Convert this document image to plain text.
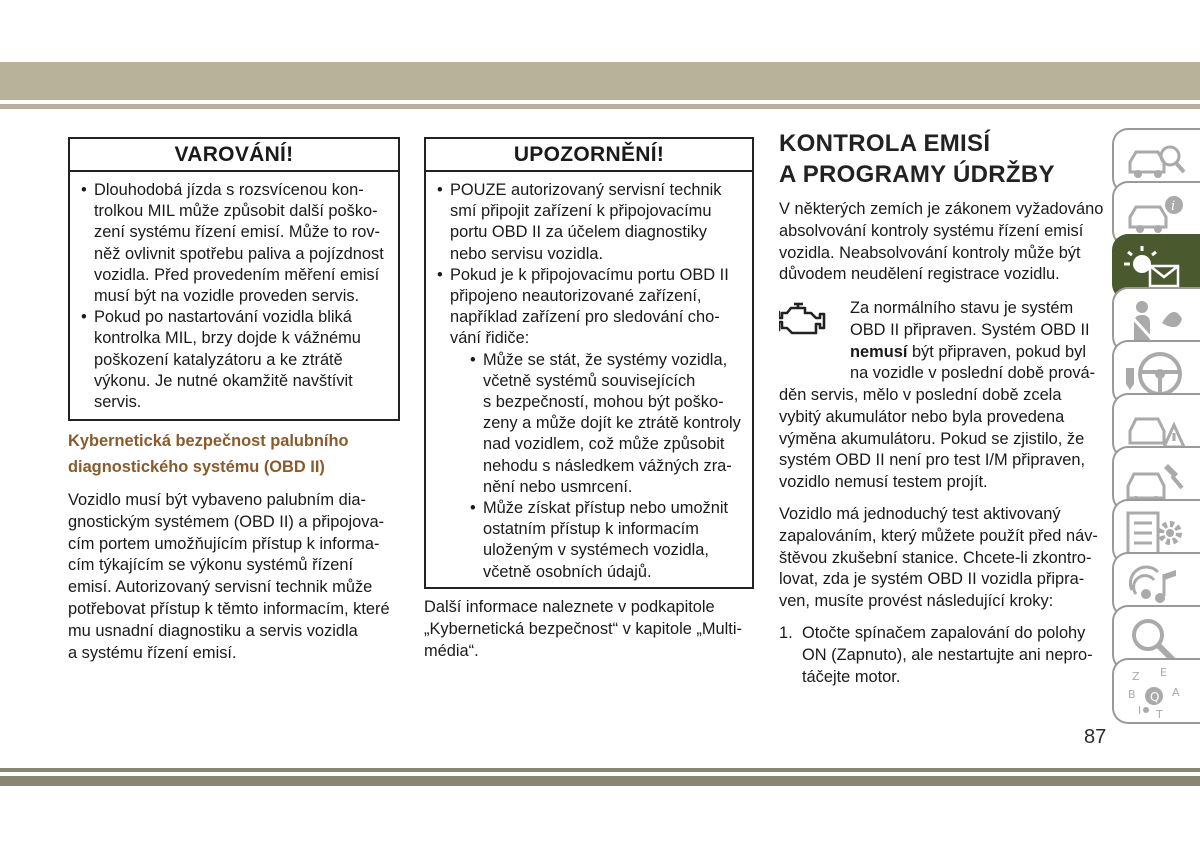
VAROVÁNÍ!
• Dlouhodobá jízda s rozsvícenou kon-
trolkou MIL může způsobit další pošk​o-
zení systému řízení emisí. Může to rov-
něž ovlivnit spotřebu paliva a pojízdnost
vozidla. Před provedením měření emisí
musí být na vozidle proveden servis.
• Pokud po nastartování vozidla bliká
kontrolka MIL, brzy dojde k vážnému
poškození katalyzátoru a ke ztrátě
výkonu. Je nutné okamžitě navštívit
servis.
Kybernetická bezpečnost palubního
diagnostického systému (OBD II)
Vozidlo musí být vybaveno palubním dia-
gnostickým systémem (OBD II) a připojova-
cím portem umožňujícím přístup k informa-
cím týkajícím se výkonu systémů řízení
emisí. Autorizovaný servisní technik může
potřebovat přístup k těmto informacím, které
mu usnadní diagnostiku a servis vozidla
a systému řízení emisí.
UPOZORNĚNÍ!
• POUZE autorizovaný servisní technik
smí připojit zařízení k připojovacímu
portu OBD II za účelem diagnostiky
nebo servisu vozidla.
• Pokud je k připojovacímu portu OBD II
připojeno neautorizované zařízení,
například zařízení pro sledování cho-
vání řidiče:
• Může se stát, že systémy vozidla,
včetně systémů souvisejících
s bezpečností, mohou být poško-
zeny a může dojít ke ztrátě kontroly
nad vozidlem, což může způsobit
nehodu s následkem vážných zra-
nění nebo usmrcení.
• Může získat přístup nebo umožnit
ostatním přístup k informacím
uloženým v systémech vozidla,
včetně osobních údajů.
Další informace naleznete v podkapitole
„Kybernetická bezpečnost“ v kapitole „Multi-
média“.
KONTROLA EMISÍ
A PROGRAMY ÚDRŽBY
V některých zemích je zákonem vyžadováno
absolvování kontroly systému řízení emisí
vozidla. Neabsolvování kontroly může být
důvodem neudělení registrace vozidlu.
Za normálního stavu je systém
OBD II připraven. Systém OBD II
nemusí být připraven, pokud byl
na vozidle v poslední době prová-
děn servis, mělo v poslední době zcela
vybitý akumulátor nebo byla provedena
výměna akumulátoru. Pokud se zjistilo, že
systém OBD II není pro test I/M připraven,
vozidlo nemusí testem projít.
Vozidlo má jednoduchý test aktivovaný
zapalováním, který můžete použít před náv-
štěvou zkušební stanice. Chcete-li zkontro-
lovat, zda je systém OBD II vozidla připra-
ven, musíte provést následující kroky:
1. Otočte spínačem zapalování do polohy
ON (Zapnuto), ale nestartujte ani nepro-
táčejte motor.
i
Z E
B	A
I T
Q
87
